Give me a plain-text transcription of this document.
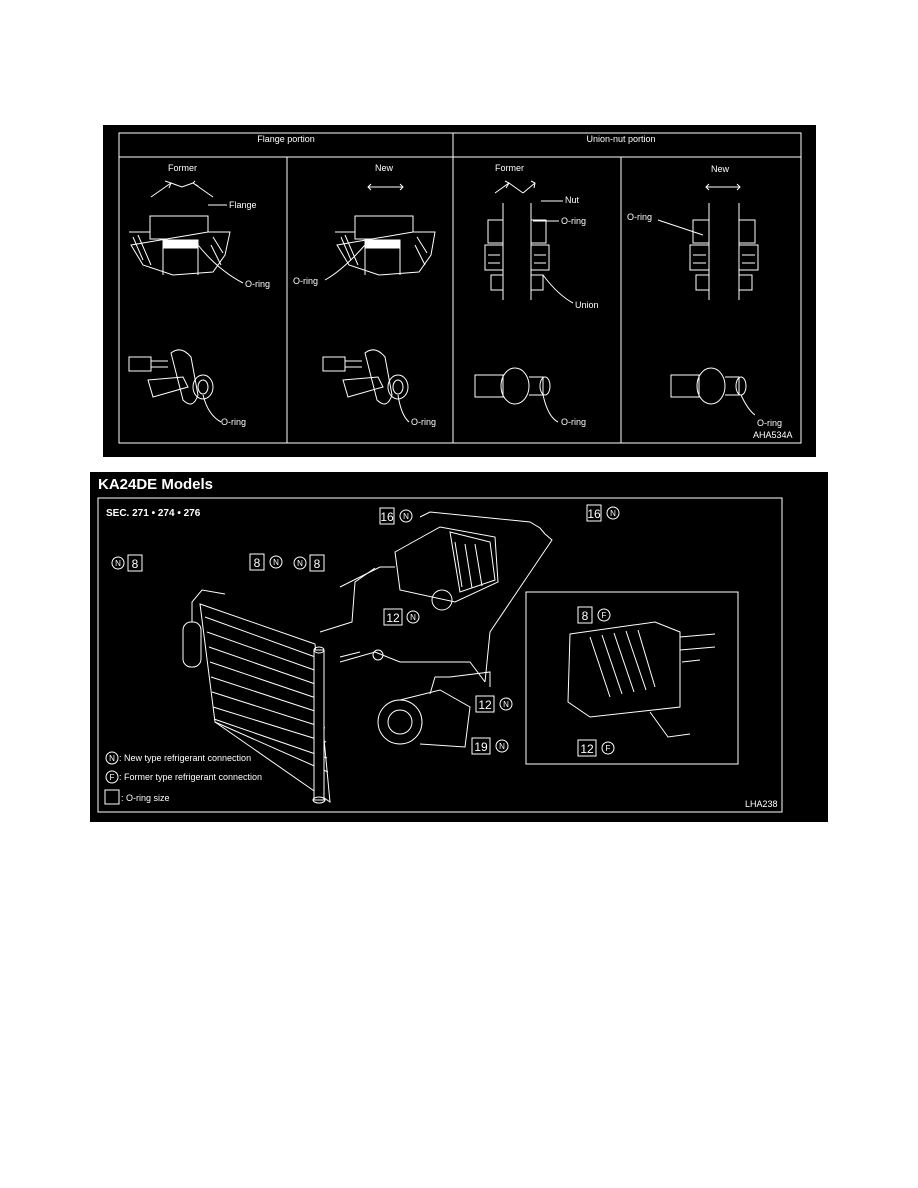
Flange portion	Union-nut portion
Former	New	Former	New
Flange
O-ring	O-ring
Nut
O-ring
Union
O-ring
O-ring	O-ring	O-ring	O-ring
AHA534A
KA24DE Models
SEC. 271 • 274 • 276	16 N	16 N
N 8	8 N N 8
12 N
12 N
19 N
8 F
12 F
N : New type refrigerant connection
F : Former type refrigerant connection
: O-ring size
LHA238
